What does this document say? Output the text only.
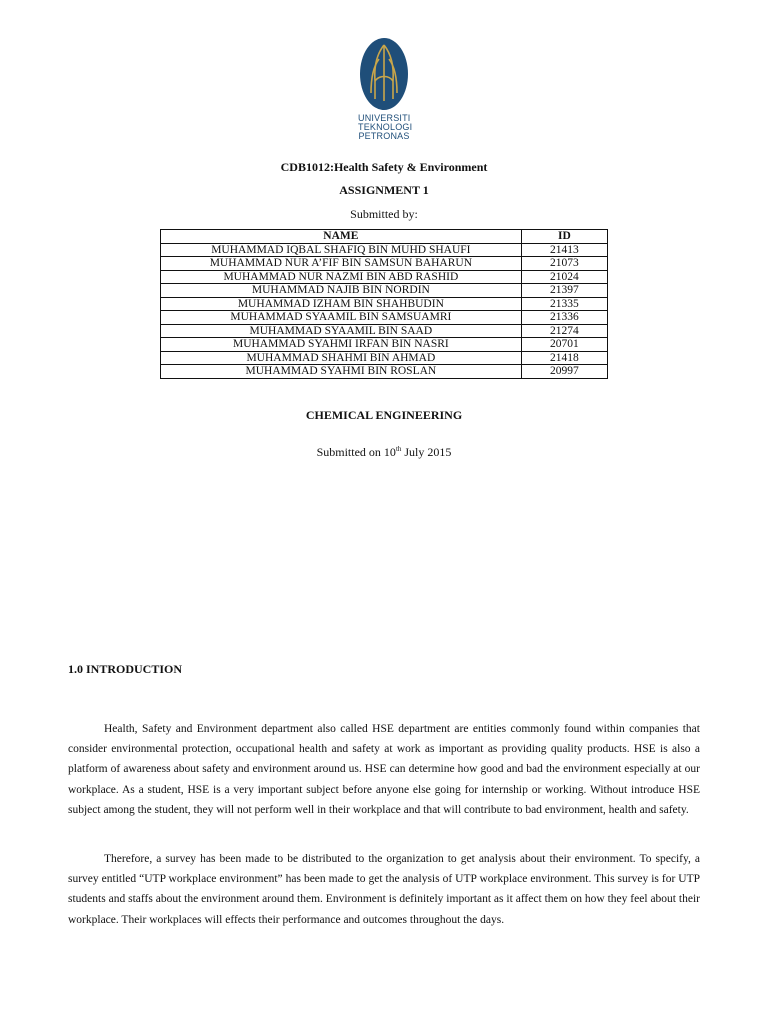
UNIVERSITI
TEKNOLOGI
PETRONAS
CDB1012:Health Safety & Environment
ASSIGNMENT 1
Submitted by:
NAME	ID
MUHAMMAD IQBAL SHAFIQ BIN MUHD SHAUFI	21413
MUHAMMAD NUR A’FIF BIN SAMSUN BAHARUN	21073
MUHAMMAD NUR NAZMI BIN ABD RASHID	21024
MUHAMMAD NAJIB BIN NORDIN	21397
MUHAMMAD IZHAM BIN SHAHBUDIN	21335
MUHAMMAD SYAAMIL BIN SAMSUAMRI	21336
MUHAMMAD SYAAMIL BIN SAAD	21274
MUHAMMAD SYAHMI IRFAN BIN NASRI	20701
MUHAMMAD SHAHMI BIN AHMAD	21418
MUHAMMAD SYAHMI BIN ROSLAN	20997
CHEMICAL ENGINEERING
Submitted on 10th July 2015
1.0 INTRODUCTION

Health, Safety and Environment department also called HSE department are entities commonly found within companies that consider environmental protection, occupational health and safety at work as important as providing quality products. HSE is also a platform of awareness about safety and environment around us. HSE can determine how good and bad the environment especially at our workplace. As a student, HSE is a very important subject before anyone else going for internship or working. Without introduce HSE subject among the student, they will not perform well in their workplace and that will contribute to bad environment, health and safety.

Therefore, a survey has been made to be distributed to the organization to get analysis about their environment. To specify, a survey entitled “UTP workplace environment” has been made to get the analysis of UTP workplace environment. This survey is for UTP students and staffs about the environment around them. Environment is definitely important as it affect them on how they feel about their workplace. Their workplaces will effects their performance and outcomes throughout the days.
